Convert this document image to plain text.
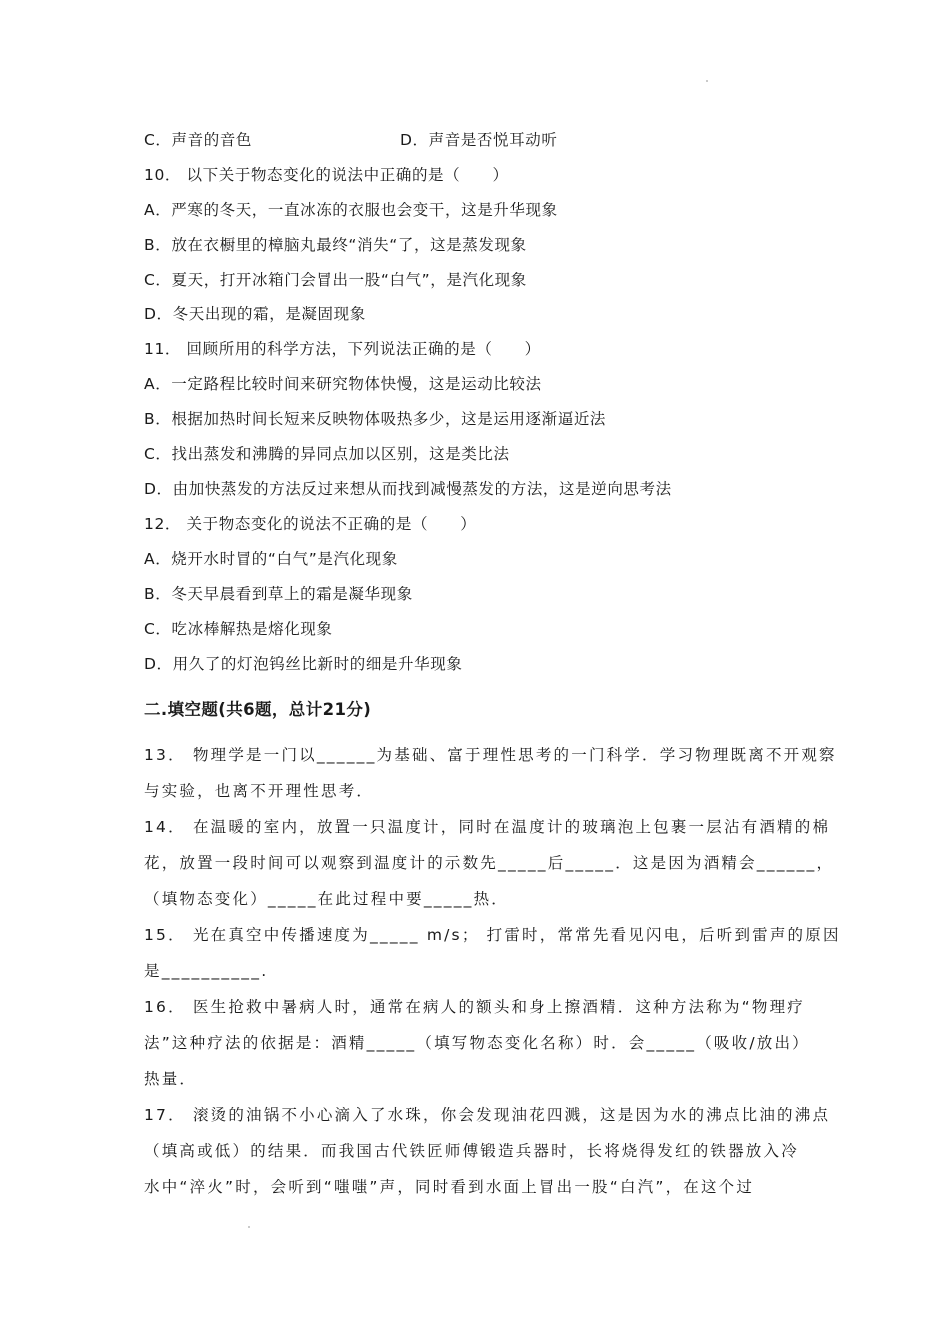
C．声音的音色
10． 以下关于物态变化的说法中正确的是（　　）
A．严寒的冬天，一直冰冻的衣服也会变干，这是升华现象
B．放在衣橱里的樟脑丸最终“消失“了，这是蒸发现象
C．夏天，打开冰箱门会冒出一股“白气”，是汽化现象
D．冬天出现的霜，是凝固现象
11． 回顾所用的科学方法，下列说法正确的是（　　）
A．一定路程比较时间来研究物体快慢，这是运动比较法
B．根据加热时间长短来反映物体吸热多少，这是运用逐渐逼近法
C．找出蒸发和沸腾的异同点加以区别，这是类比法
D．由加快蒸发的方法反过来想从而找到减慢蒸发的方法，这是逆向思考法
12． 关于物态变化的说法不正确的是（　　）
A．烧开水时冒的“白气”是汽化现象
B．冬天早晨看到草上的霜是凝华现象
C．吃冰棒解热是熔化现象
D．用久了的灯泡钨丝比新时的细是升华现象
D．声音是否悦耳动听
二.填空题(共6题，总计21分)
13． 物理学是一门以______为基础、富于理性思考的一门科学．学习物理既离不开观察
与实验，也离不开理性思考．
14． 在温暖的室内，放置一只温度计，同时在温度计的玻璃泡上包裹一层沾有酒精的棉
花，放置一段时间可以观察到温度计的示数先_____后_____．这是因为酒精会______，
（填物态变化）_____在此过程中要_____热．
15． 光在真空中传播速度为_____ m/s； 打雷时，常常先看见闪电，后听到雷声的原因
是__________.
16． 医生抢救中暑病人时，通常在病人的额头和身上擦酒精．这种方法称为“物理疗
法”这种疗法的依据是：酒精_____（填写物态变化名称）时．会_____（吸收/放出）
热量．
17． 滚烫的油锅不小心滴入了水珠，你会发现油花四溅，这是因为水的沸点比油的沸点
（填高或低）的结果．而我国古代铁匠师傅锻造兵器时，长将烧得发红的铁器放入冷
水中“淬火”时，会听到“嗤嗤”声，同时看到水面上冒出一股“白汽”，在这个过
